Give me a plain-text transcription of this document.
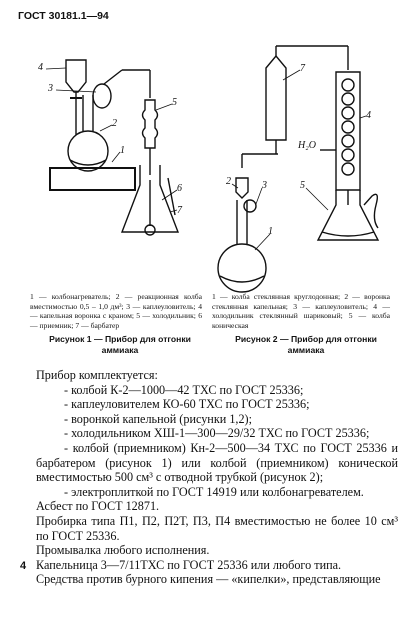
ГОСТ 30181.1—94
4
2
3
1
5
6
7
7
4
2	3	5
1
H₂O
1 — колбонагреватель; 2 — реакционная колба вместимостью 0,5 – 1,0 дм³; 3 — каплеуловитель; 4 — капельная воронка с краном; 5 — холодильник; 6 — приемник; 7 — барбатер
1 — колба стеклянная круглодонная; 2 — воронка стеклянная капельная; 3 — каплеуловитель; 4 — холодильник стеклянный шариковый; 5 — колба коническая
Рисунок 1 — Прибор для отгонки
аммиака
Рисунок 2 — Прибор для отгонки
аммиака

Прибор комплектуется:

- колбой К-2—1000—42 ТХС по ГОСТ 25336;

- каплеуловителем КО-60 ТХС по ГОСТ 25336;

- воронкой капельной (рисунки 1,2);

- холодильником ХШ-1—300—29/32 ТХС по ГОСТ 25336;

- колбой (приемником) Кн-2—500—34 ТХС по ГОСТ 25336 и барбатером (рисунок 1) или колбой (приемником) конической вместимостью 500 см³ с отводной трубкой (рисунок 2);

- электроплиткой по ГОСТ 14919 или колбонагревателем.

Асбест по ГОСТ 12871.

Пробирка типа П1, П2, П2Т, П3, П4 вместимостью не более 10 см³ по ГОСТ 25336.

Промывалка любого исполнения.

Капельница 3—7/11ТХС по ГОСТ 25336 или любого типа.

Средства против бурного кипения — «кипелки», представляющие

4
